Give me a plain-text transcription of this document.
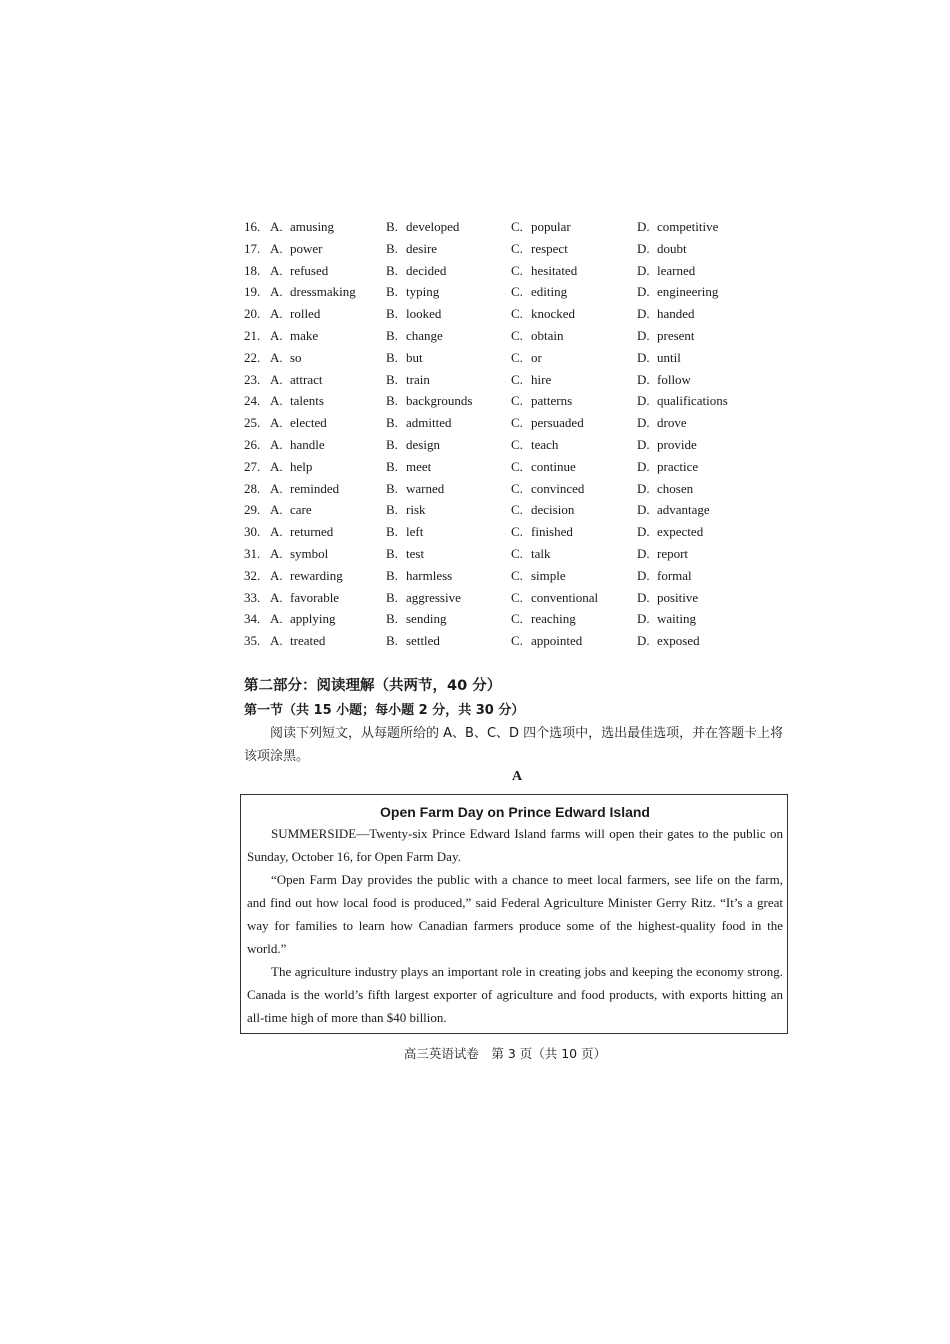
16. A. amusing	B. developed	C. popular	D. competitive
17. A. power	B. desire	C. respect	D. doubt
18. A. refused	B. decided	C. hesitated	D. learned
19. A. dressmaking B. typing	C. editing	D. engineering
20. A. rolled	B. looked	C. knocked	D. handed
21. A. make	B. change	C. obtain	D. present
22. A. so	B. but	C. or	D. until
23. A. attract	B. train	C. hire	D. follow
24. A. talents	B. backgrounds	C. patterns	D. qualifications
25. A. elected	B. admitted	C. persuaded	D. drove
26. A. handle	B. design	C. teach	D. provide
27. A. help	B. meet	C. continue	D. practice
28. A. reminded	B. warned	C. convinced	D. chosen
29. A. care	B. risk	C. decision	D. advantage
30. A. returned	B. left	C. finished	D. expected
31. A. symbol	B. test	C. talk	D. report
32. A. rewarding	B. harmless	C. simple	D. formal
33. A. favorable	B. aggressive	C. conventional	D. positive
34. A. applying	B. sending	C. reaching	D. waiting
35. A. treated	B. settled	C. appointed	D. exposed
第二部分：阅读理解（共两节，40 分）
第一节（共 15 小题；每小题 2 分，共 30 分）
阅读下列短文，从每题所给的 A、B、C、D 四个选项中，选出最佳选项，并在答题卡上将该项涂黑。
A
Open Farm Day on Prince Edward Island

SUMMERSIDE—Twenty-six Prince Edward Island farms will open their gates to the public on Sunday, October 16, for Open Farm Day.

“Open Farm Day provides the public with a chance to meet local farmers, see life on the farm, and find out how local food is produced,” said Federal Agriculture Minister Gerry Ritz. “It’s a great way for families to learn how Canadian farmers produce some of the highest-quality food in the world.”

The agriculture industry plays an important role in creating jobs and keeping the economy strong. Canada is the world’s fifth largest exporter of agriculture and food products, with exports hitting an all-time high of more than $40 billion.

高三英语试卷　第 3 页（共 10 页）
